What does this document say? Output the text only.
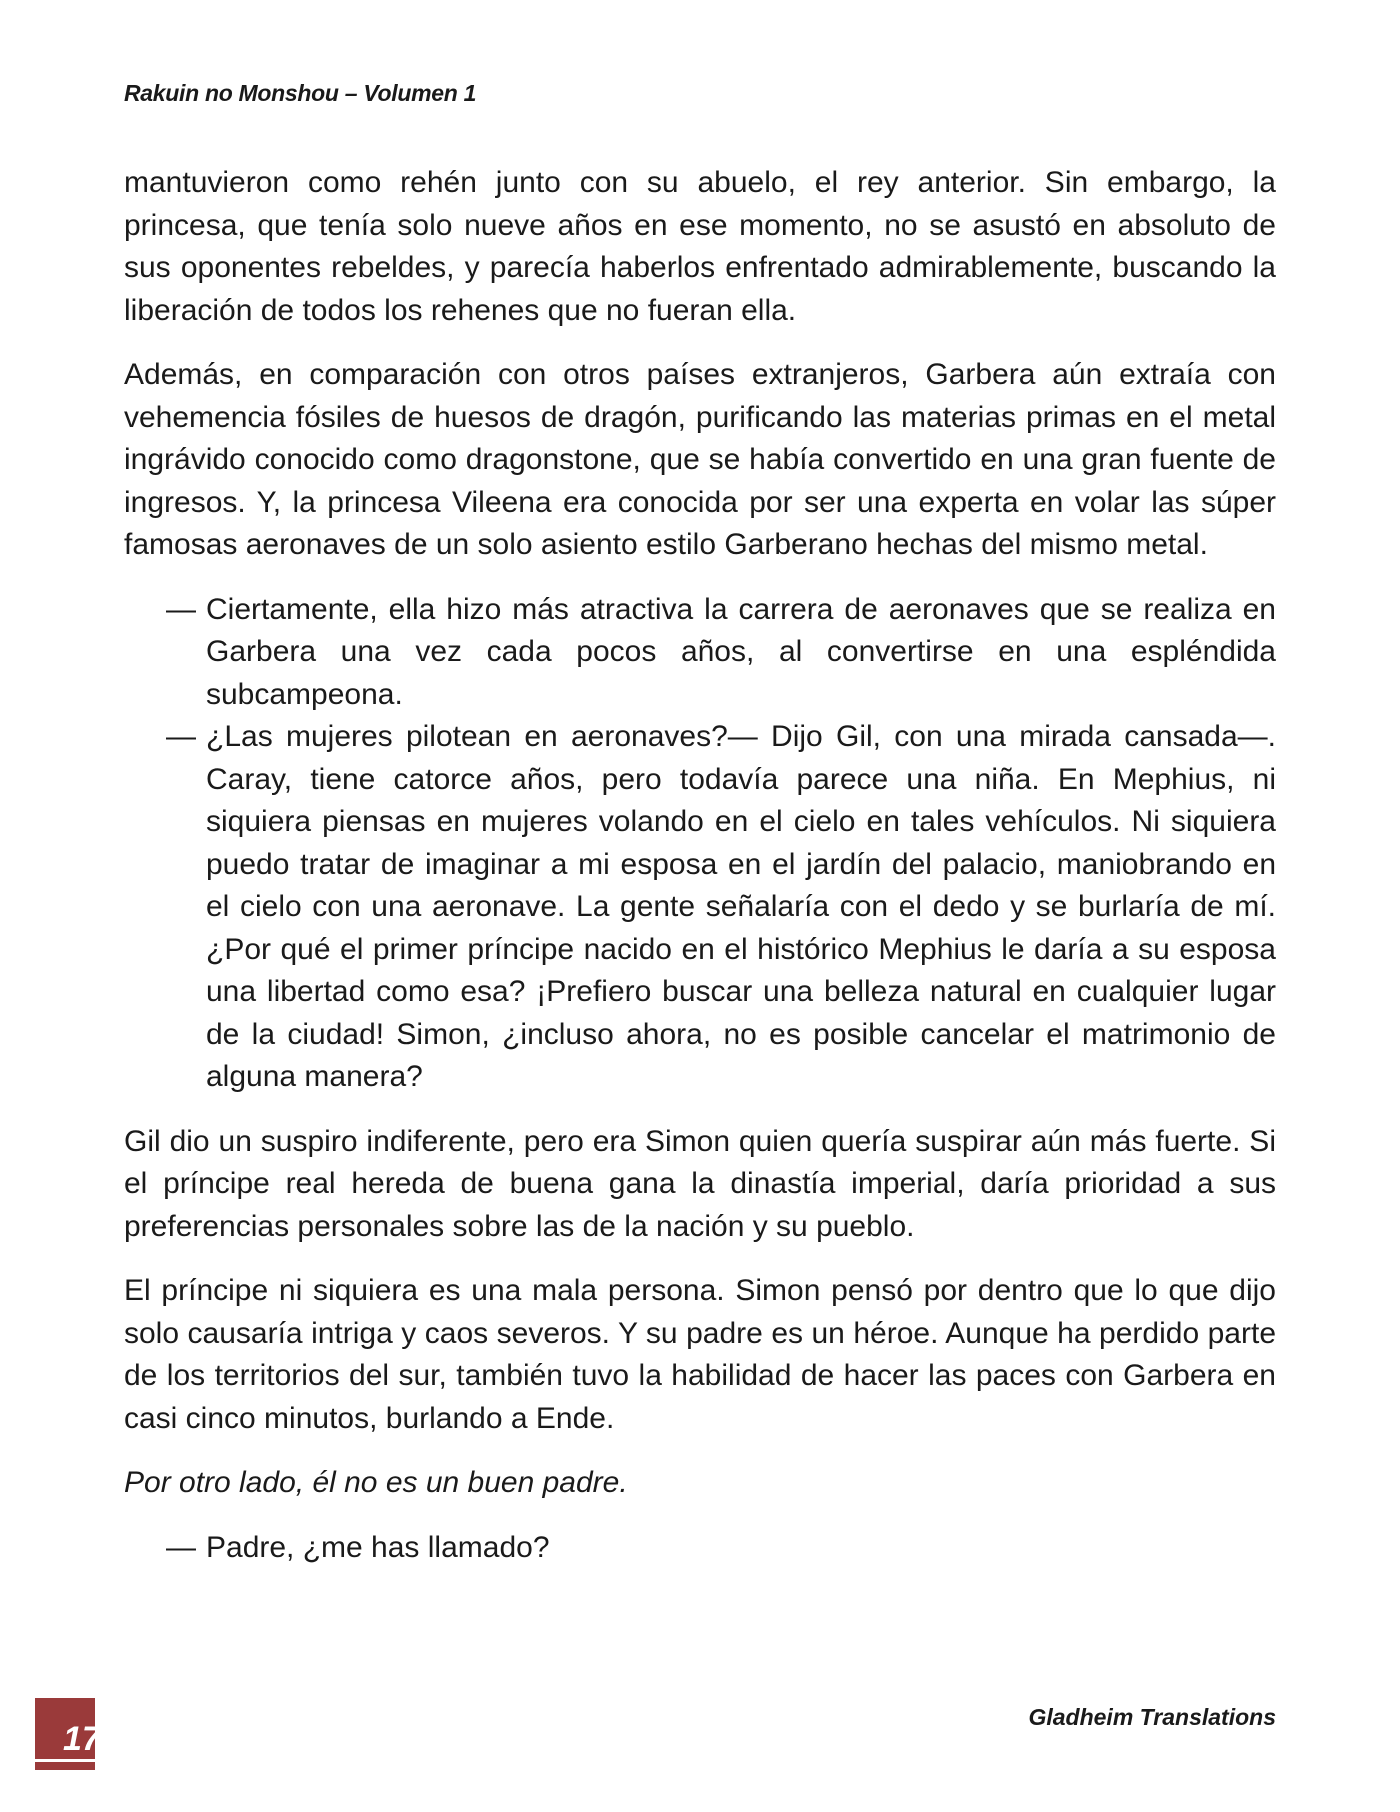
Rakuin no Monshou – Volumen 1

mantuvieron como rehén junto con su abuelo, el rey anterior. Sin embargo, la princesa, que tenía solo nueve años en ese momento, no se asustó en absoluto de sus oponentes rebeldes, y parecía haberlos enfrentado admirablemente, buscando la liberación de todos los rehenes que no fueran ella.

Además, en comparación con otros países extranjeros, Garbera aún extraía con vehemencia fósiles de huesos de dragón, purificando las materias primas en el metal ingrávido conocido como dragonstone, que se había convertido en una gran fuente de ingresos. Y, la princesa Vileena era conocida por ser una experta en volar las súper famosas aeronaves de un solo asiento estilo Garberano hechas del mismo metal.

— Ciertamente, ella hizo más atractiva la carrera de aeronaves que se realiza en Garbera una vez cada pocos años, al convertirse en una espléndida subcampeona.

— ¿Las mujeres pilotean en aeronaves?— Dijo Gil, con una mirada cansada—. Caray, tiene catorce años, pero todavía parece una niña. En Mephius, ni siquiera piensas en mujeres volando en el cielo en tales vehículos. Ni siquiera puedo tratar de imaginar a mi esposa en el jardín del palacio, maniobrando en el cielo con una aeronave. La gente señalaría con el dedo y se burlaría de mí. ¿Por qué el primer príncipe nacido en el histórico Mephius le daría a su esposa una libertad como esa? ¡Prefiero buscar una belleza natural en cualquier lugar de la ciudad! Simon, ¿incluso ahora, no es posible cancelar el matrimonio de alguna manera?

Gil dio un suspiro indiferente, pero era Simon quien quería suspirar aún más fuerte. Si el príncipe real hereda de buena gana la dinastía imperial, daría prioridad a sus preferencias personales sobre las de la nación y su pueblo.

El príncipe ni siquiera es una mala persona. Simon pensó por dentro que lo que dijo solo causaría intriga y caos severos. Y su padre es un héroe. Aunque ha perdido parte de los territorios del sur, también tuvo la habilidad de hacer las paces con Garbera en casi cinco minutos, burlando a Ende.

Por otro lado, él no es un buen padre.

— Padre, ¿me has llamado?

17
Gladheim Translations
